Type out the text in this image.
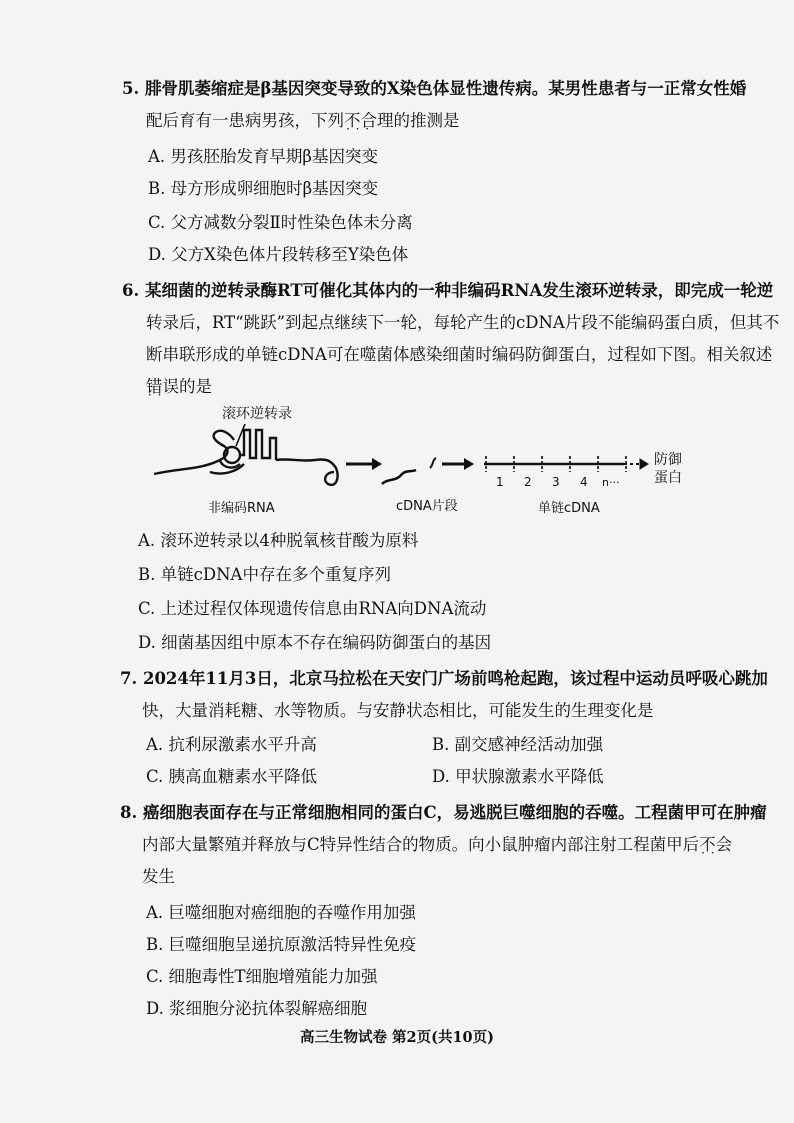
5. 腓骨肌萎缩症是β基因突变导致的X染色体显性遗传病。某男性患者与一正常女性婚
配后育有一患病男孩，下列不合理 · · ·的推测是
A. 男孩胚胎发育早期β基因突变
B. 母方形成卵细胞时β基因突变
C. 父方减数分裂Ⅱ时性染色体未分离
D. 父方X染色体片段转移至Y染色体
6. 某细菌的逆转录酶RT可催化其体内的一种非编码RNA发生滚环逆转录，即完成一轮逆
转录后，RT“跳跃”到起点继续下一轮，每轮产生的cDNA片段不能编码蛋白质，但其不
断串联形成的单链cDNA可在噬菌体感染细菌时编码防御蛋白，过程如下图。相关叙述
错误 · ·的是
滚环逆转录
1 2 3 4 n···
防御
蛋白
非编码RNA	cDNA片段	单链cDNA
A. 滚环逆转录以4种脱氧核苷酸为原料
B. 单链cDNA中存在多个重复序列
C. 上述过程仅体现遗传信息由RNA向DNA流动
D. 细菌基因组中原本不存在编码防御蛋白的基因
7. 2024年11月3日，北京马拉松在天安门广场前鸣枪起跑，该过程中运动员呼吸心跳加
快，大量消耗糖、水等物质。与安静状态相比，可能发生的生理变化是
A. 抗利尿激素水平升高	B. 副交感神经活动加强
C. 胰高血糖素水平降低	D. 甲状腺激素水平降低
8. 癌细胞表面存在与正常细胞相同的蛋白C，易逃脱巨噬细胞的吞噬。工程菌甲可在肿瘤
内部大量繁殖并释放与C特异性结合的物质。向小鼠肿瘤内部注射工程菌甲后不会 · ·
发生
A. 巨噬细胞对癌细胞的吞噬作用加强
B. 巨噬细胞呈递抗原激活特异性免疫
C. 细胞毒性T细胞增殖能力加强
D. 浆细胞分泌抗体裂解癌细胞
高三生物试卷 第2页(共10页)
